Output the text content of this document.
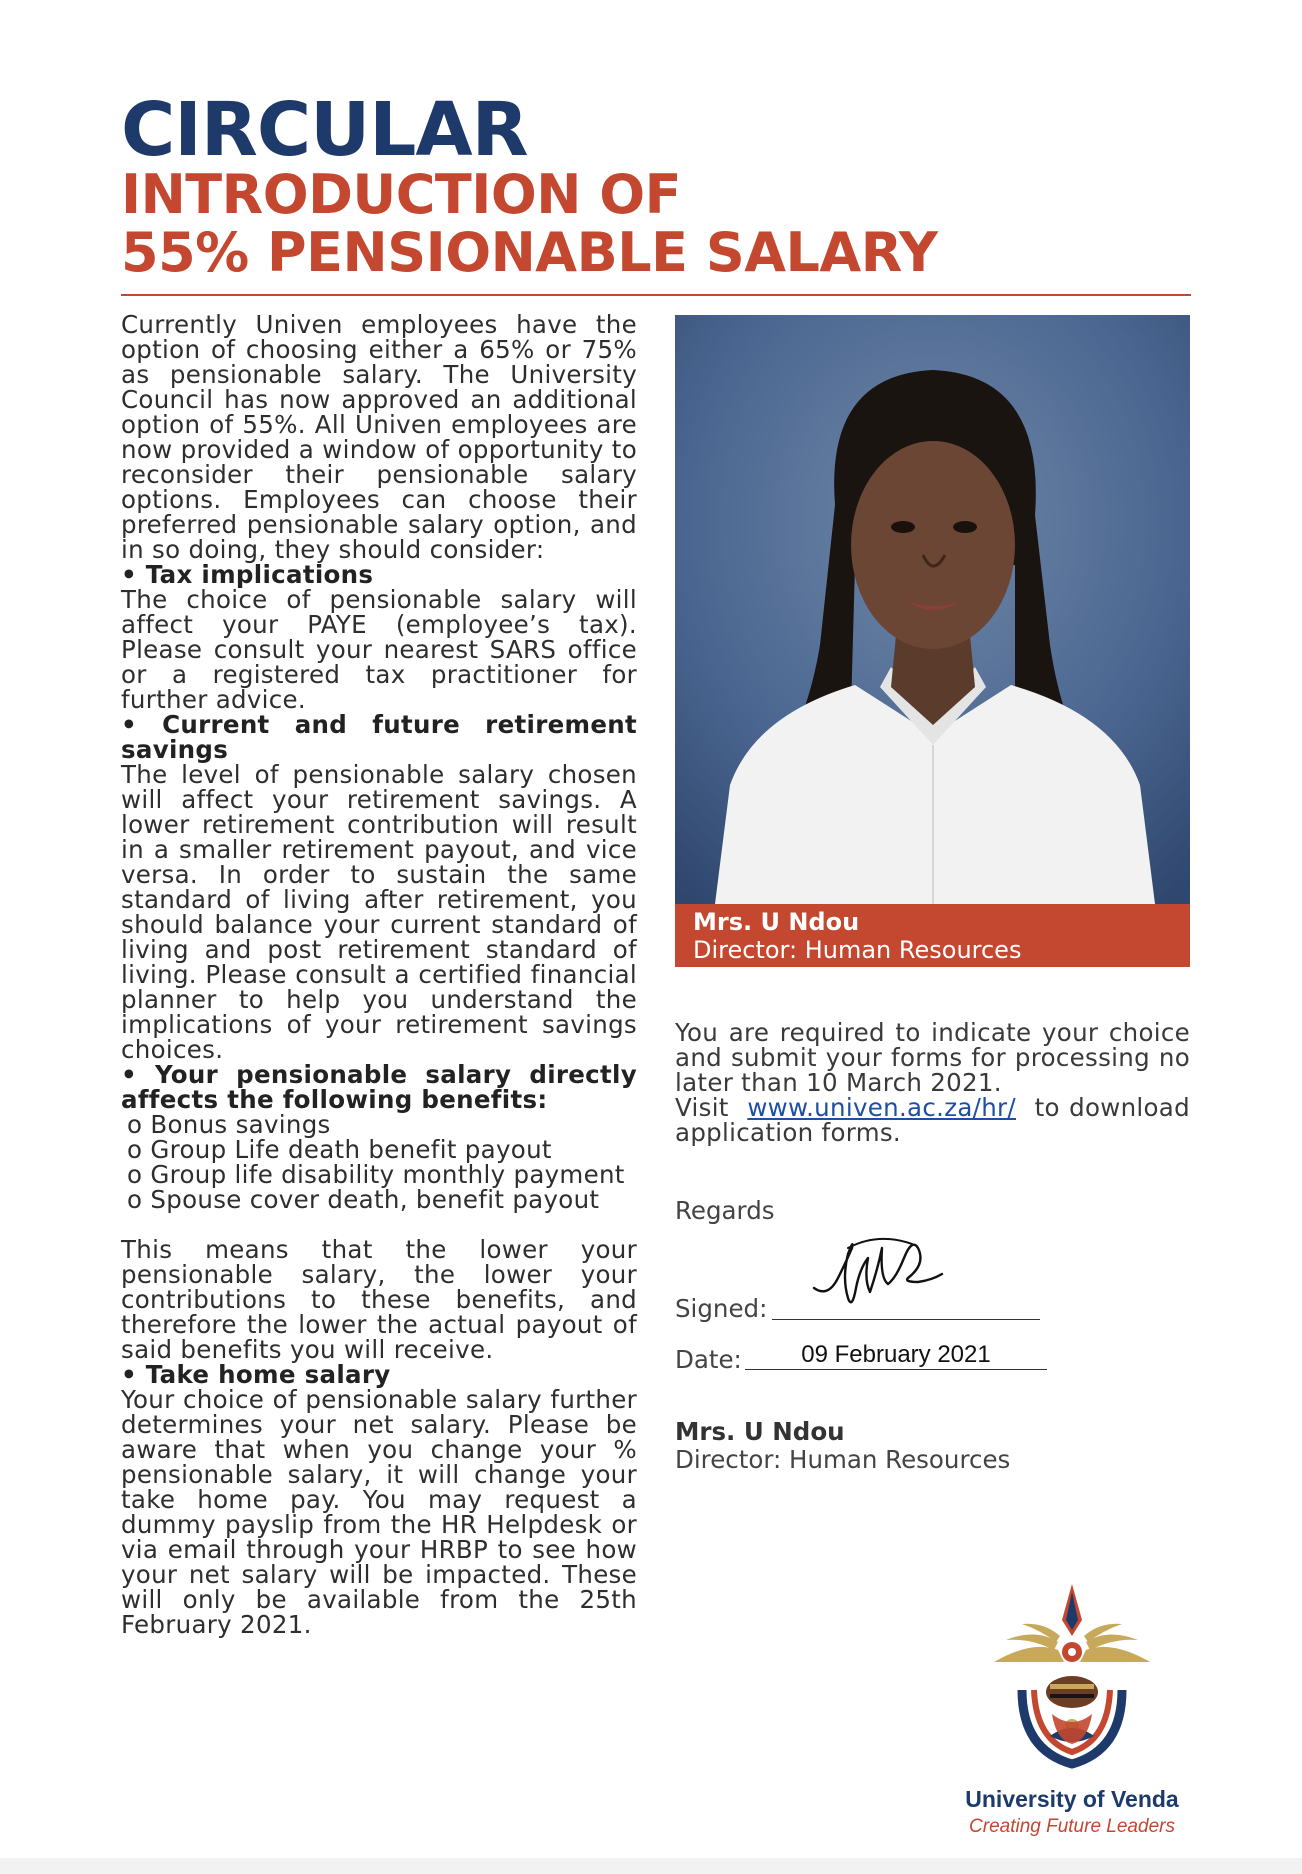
CIRCULAR
INTRODUCTION OF
55% PENSIONABLE SALARY

Currently Univen employees have the option of choosing either a 65% or 75% as pensionable salary. The University Council has now approved an additional option of 55%. All Univen employees are now provided a window of opportunity to reconsider their pensionable salary options. Employees can choose their preferred pensionable salary option, and in so doing, they should consider:

• Tax implications

The choice of pensionable salary will affect your PAYE (employee’s tax). Please consult your nearest SARS office or a registered tax practitioner for further advice.

• Current and future retirement savings

The level of pensionable salary chosen will affect your retirement savings. A lower retirement contribution will result in a smaller retirement payout, and vice versa. In order to sustain the same standard of living after retirement, you should balance your current standard of living and post retirement standard of living. Please consult a certified financial planner to help you understand the implications of your retirement savings choices.

• Your pensionable salary directly affects the following benefits:

o Bonus savings
o Group Life death benefit payout
o Group life disability monthly payment
o Spouse cover death, benefit payout

This means that the lower your pensionable salary, the lower your contributions to these benefits, and therefore the lower the actual payout of said benefits you will receive.

• Take home salary

Your choice of pensionable salary further determines your net salary. Please be aware that when you change your % pensionable salary, it will change your take home pay. You may request a dummy payslip from the HR Helpdesk or via email through your HRBP to see how your net salary will be impacted. These will only be available from the 25th February 2021.

Mrs. U Ndou
Director: Human Resources

You are required to indicate your choice and submit your forms for processing no later than 10 March 2021.

Visit www.univen.ac.za/hr/ to download application forms.

Regards
Signed:
Date:	09 February 2021
Mrs. U Ndou
Director: Human Resources
University of Venda
Creating Future Leaders
